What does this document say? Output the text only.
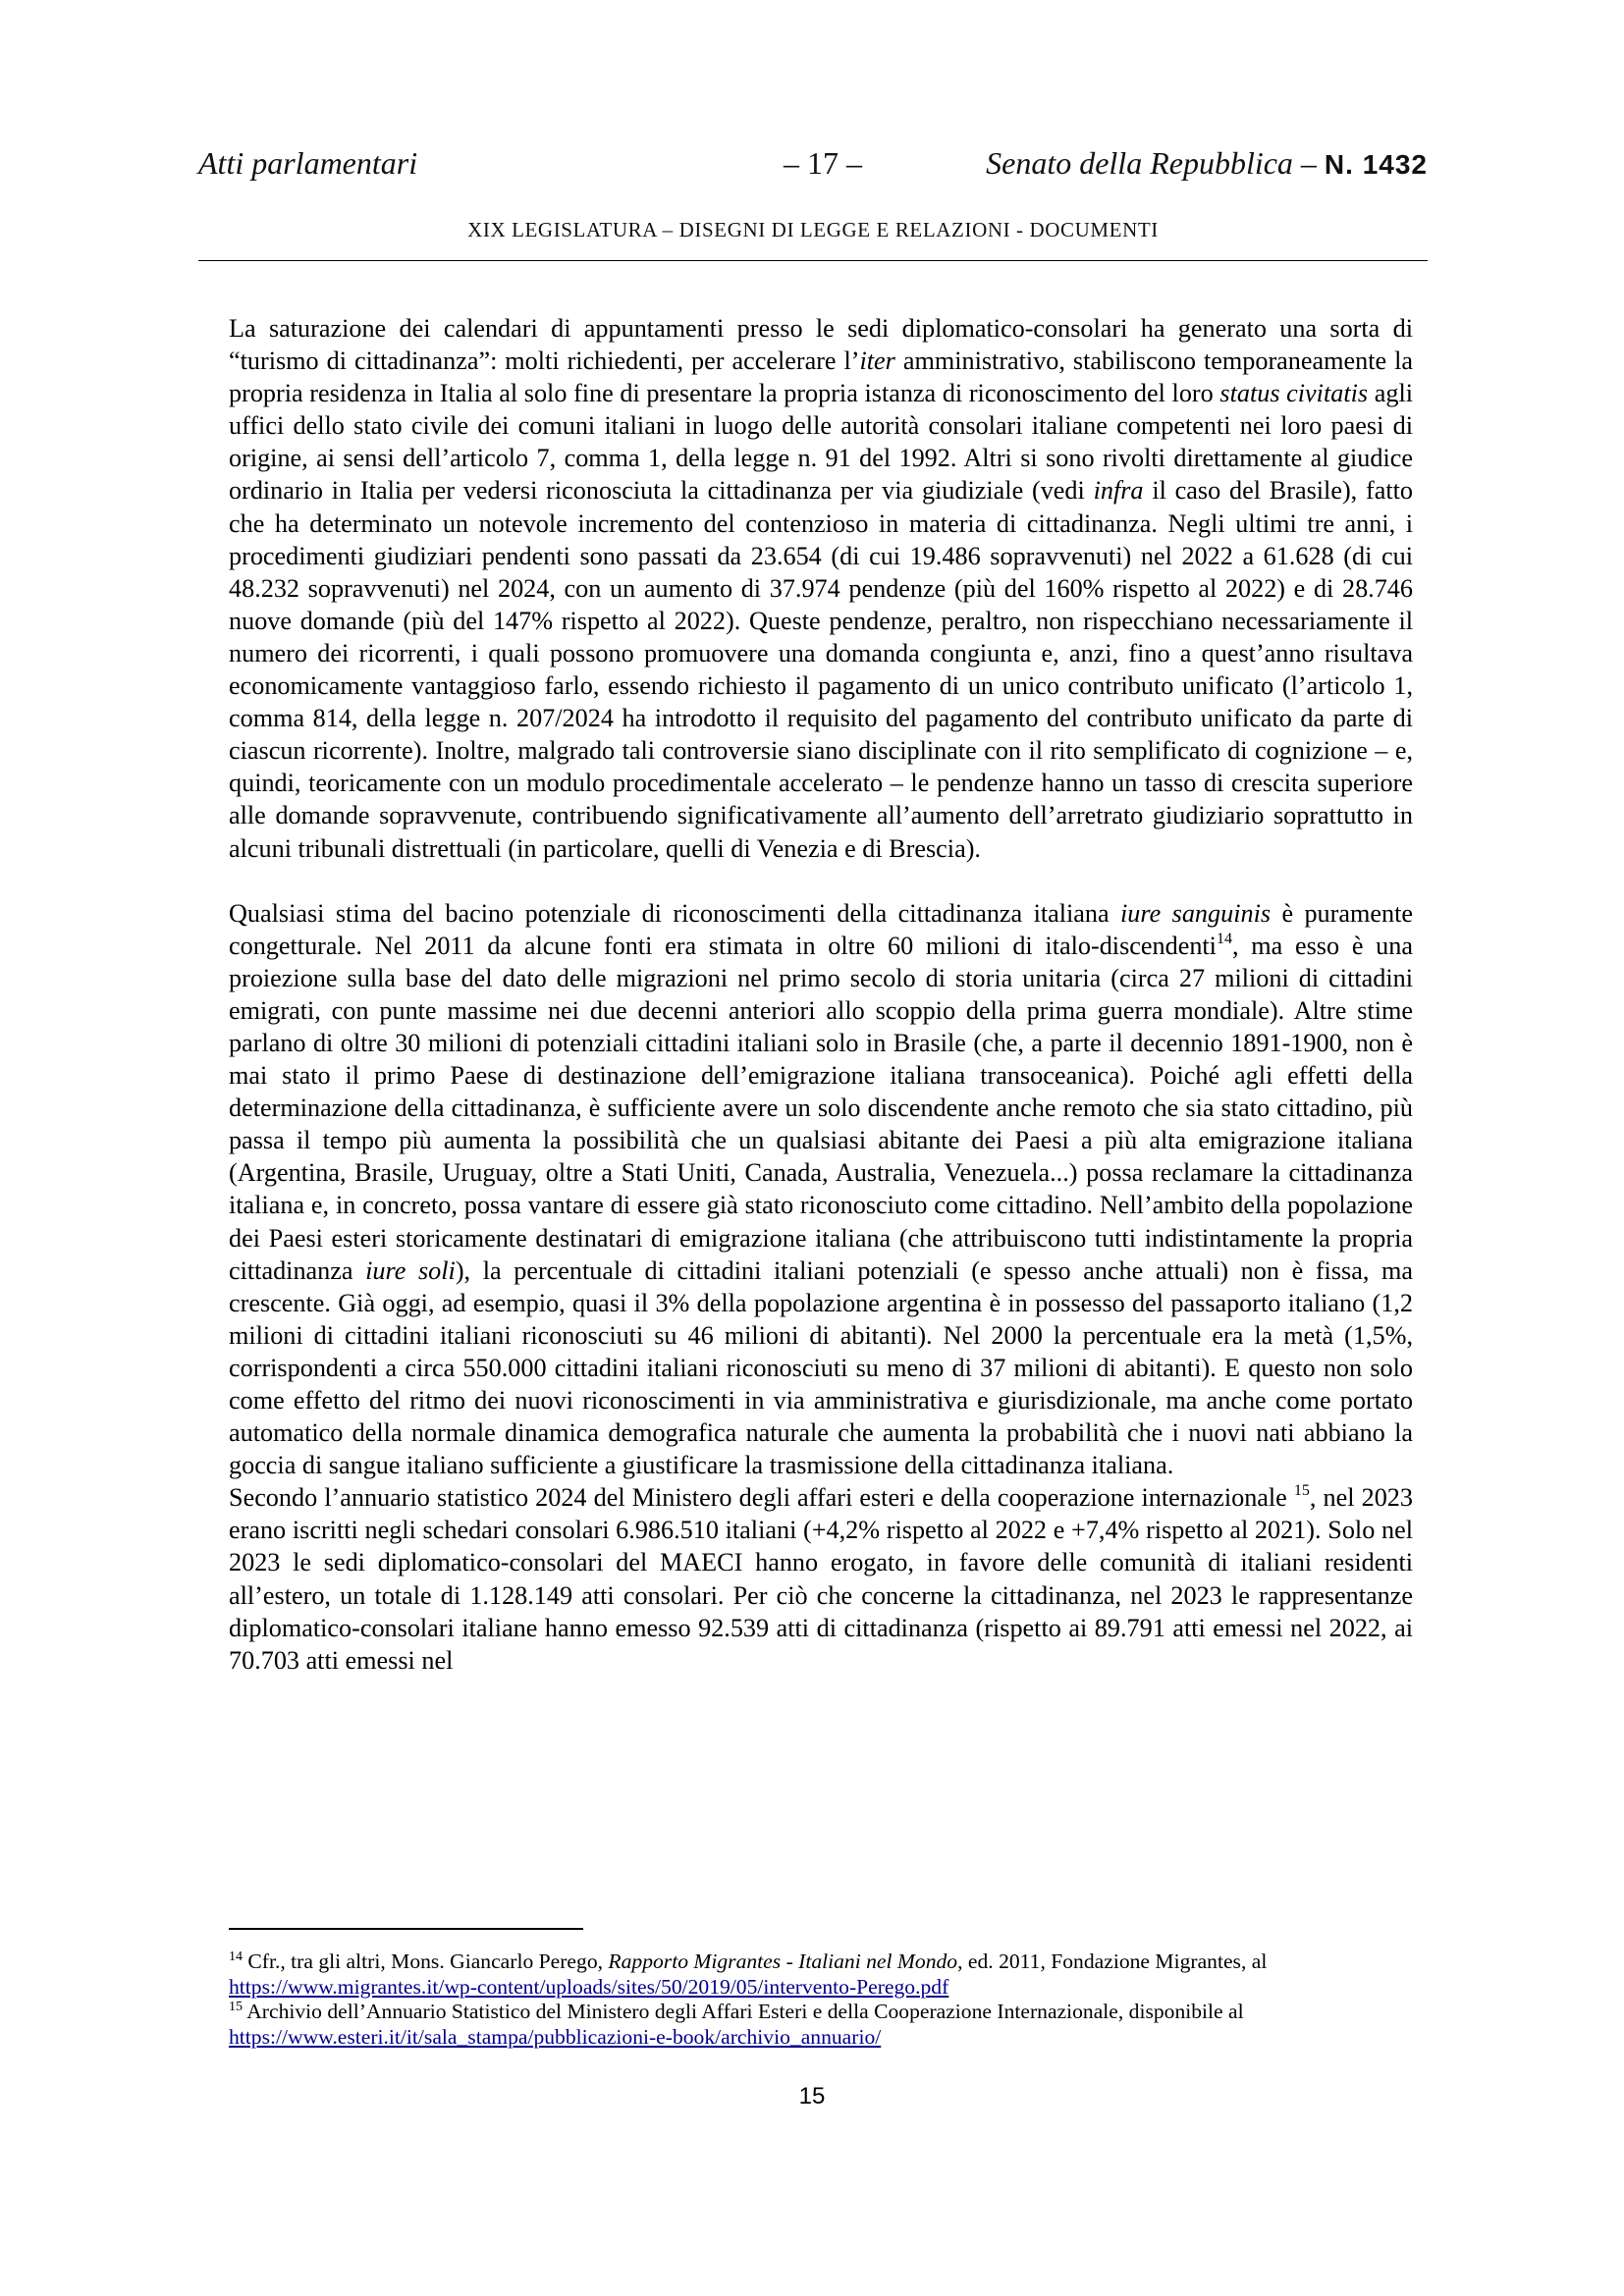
Atti parlamentari	– 17 –	Senato della Repubblica – N. 1432
XIX LEGISLATURA – DISEGNI DI LEGGE E RELAZIONI - DOCUMENTI

La saturazione dei calendari di appuntamenti presso le sedi diplomatico-consolari ha generato una sorta di “turismo di cittadinanza”: molti richiedenti, per accelerare l’iter amministrativo, stabiliscono temporaneamente la propria residenza in Italia al solo fine di presentare la propria istanza di riconoscimento del loro status civitatis agli uffici dello stato civile dei comuni italiani in luogo delle autorità consolari italiane competenti nei loro paesi di origine, ai sensi dell’articolo 7, comma 1, della legge n. 91 del 1992. Altri si sono rivolti direttamente al giudice ordinario in Italia per vedersi riconosciuta la cittadinanza per via giudiziale (vedi infra il caso del Brasile), fatto che ha determinato un notevole incremento del contenzioso in materia di cittadinanza. Negli ultimi tre anni, i procedimenti giudiziari pendenti sono passati da 23.654 (di cui 19.486 sopravvenuti) nel 2022 a 61.628 (di cui 48.232 sopravvenuti) nel 2024, con un aumento di 37.974 pendenze (più del 160% rispetto al 2022) e di 28.746 nuove domande (più del 147% rispetto al 2022). Queste pendenze, peraltro, non rispecchiano necessariamente il numero dei ricorrenti, i quali possono promuovere una domanda congiunta e, anzi, fino a quest’anno risultava economicamente vantaggioso farlo, essendo richiesto il pagamento di un unico contributo unificato (l’articolo 1, comma 814, della legge n. 207/2024 ha introdotto il requisito del pagamento del contributo unificato da parte di ciascun ricorrente). Inoltre, malgrado tali controversie siano disciplinate con il rito semplificato di cognizione – e, quindi, teoricamente con un modulo procedimentale accelerato – le pendenze hanno un tasso di crescita superiore alle domande sopravvenute, contribuendo significativamente all’aumento dell’arretrato giudiziario soprattutto in alcuni tribunali distrettuali (in particolare, quelli di Venezia e di Brescia).

Qualsiasi stima del bacino potenziale di riconoscimenti della cittadinanza italiana iure sanguinis è puramente congetturale. Nel 2011 da alcune fonti era stimata in oltre 60 milioni di italo-discendenti$^{14}$, ma esso è una proiezione sulla base del dato delle migrazioni nel primo secolo di storia unitaria (circa 27 milioni di cittadini emigrati, con punte massime nei due decenni anteriori allo scoppio della prima guerra mondiale). Altre stime parlano di oltre 30 milioni di potenziali cittadini italiani solo in Brasile (che, a parte il decennio 1891-1900, non è mai stato il primo Paese di destinazione dell’emigrazione italiana transoceanica). Poiché agli effetti della determinazione della cittadinanza, è sufficiente avere un solo discendente anche remoto che sia stato cittadino, più passa il tempo più aumenta la possibilità che un qualsiasi abitante dei Paesi a più alta emigrazione italiana (Argentina, Brasile, Uruguay, oltre a Stati Uniti, Canada, Australia, Venezuela...) possa reclamare la cittadinanza italiana e, in concreto, possa vantare di essere già stato riconosciuto come cittadino. Nell’ambito della popolazione dei Paesi esteri storicamente destinatari di emigrazione italiana (che attribuiscono tutti indistintamente la propria cittadinanza iure soli), la percentuale di cittadini italiani potenziali (e spesso anche attuali) non è fissa, ma crescente. Già oggi, ad esempio, quasi il 3% della popolazione argentina è in possesso del passaporto italiano (1,2 milioni di cittadini italiani riconosciuti su 46 milioni di abitanti). Nel 2000 la percentuale era la metà (1,5%, corrispondenti a circa 550.000 cittadini italiani riconosciuti su meno di 37 milioni di abitanti). E questo non solo come effetto del ritmo dei nuovi riconoscimenti in via amministrativa e giurisdizionale, ma anche come portato automatico della normale dinamica demografica naturale che aumenta la probabilità che i nuovi nati abbiano la goccia di sangue italiano sufficiente a giustificare la trasmissione della cittadinanza italiana.

Secondo l’annuario statistico 2024 del Ministero degli affari esteri e della cooperazione internazionale $^{15}$, nel 2023 erano iscritti negli schedari consolari 6.986.510 italiani (+4,2% rispetto al 2022 e +7,4% rispetto al 2021). Solo nel 2023 le sedi diplomatico-consolari del MAECI hanno erogato, in favore delle comunità di italiani residenti all’estero, un totale di 1.128.149 atti consolari. Per ciò che concerne la cittadinanza, nel 2023 le rappresentanze diplomatico-consolari italiane hanno emesso 92.539 atti di cittadinanza (rispetto ai 89.791 atti emessi nel 2022, ai 70.703 atti emessi nel

$^{14}$ Cfr., tra gli altri, Mons. Giancarlo Perego, Rapporto Migrantes - Italiani nel Mondo, ed. 2011, Fondazione Migrantes, al https://www.migrantes.it/wp-content/uploads/sites/50/2019/05/intervento-Perego.pdf

$^{15}$ Archivio dell’Annuario Statistico del Ministero degli Affari Esteri e della Cooperazione Internazionale, disponibile al https://www.esteri.it/it/sala_stampa/pubblicazioni-e-book/archivio_annuario/

15
